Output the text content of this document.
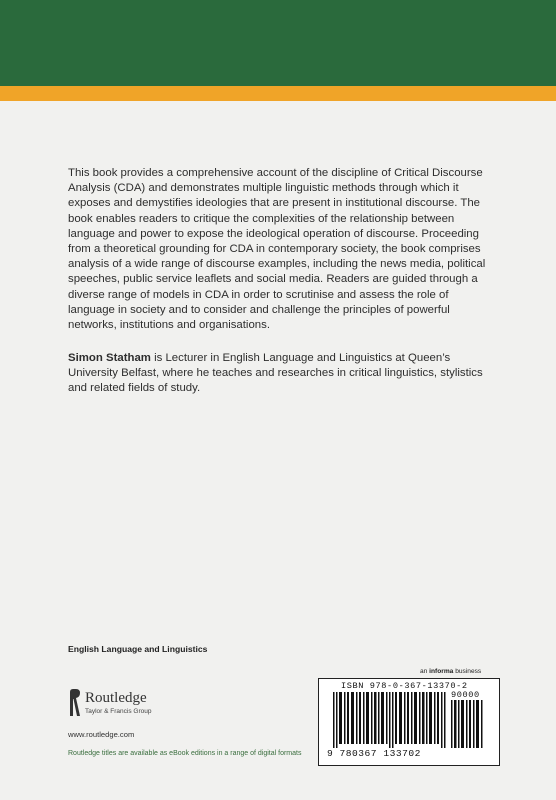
This book provides a comprehensive account of the discipline of Critical Discourse Analysis (CDA) and demonstrates multiple linguistic methods through which it exposes and demystifies ideologies that are present in institutional discourse. The book enables readers to critique the complexities of the relationship between language and power to expose the ideological operation of discourse. Proceeding from a theoretical grounding for CDA in contemporary society, the book comprises analysis of a wide range of discourse examples, including the news media, political speeches, public service leaflets and social media. Readers are guided through a diverse range of models in CDA in order to scrutinise and assess the role of language in society and to consider and challenge the principles of powerful networks, institutions and organisations.

Simon Statham is Lecturer in English Language and Linguistics at Queen’s University Belfast, where he teaches and researches in critical linguistics, stylistics and related fields of study.

English Language and Linguistics
Routledge
Taylor & Francis Group
www.routledge.com
Routledge titles are available as eBook editions in a range of digital formats
an informa business
ISBN 978-0-367-13370-2
90000
9 780367 133702
